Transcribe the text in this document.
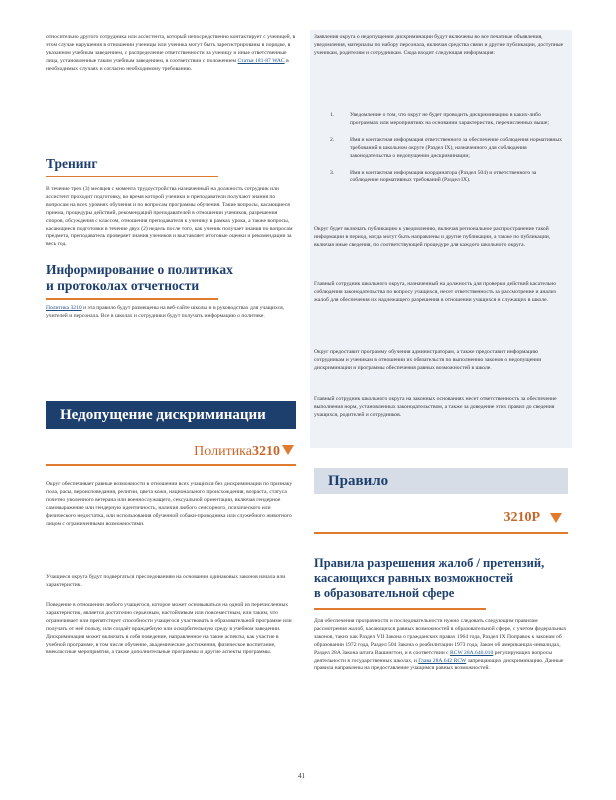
относительно другого сотрудника или ассистента, который непосредственно контактирует с ученицей, в этом случае нарушения в отношении ученицы или ученика могут быть зарегистрированы в порядке, в указанном учебным заведением, с распределение ответственности за ученицу и иные ответственные лица, установленные таким учебным заведением, в соответствии с положением Статья 181-87 WAC в необходимых случаях и согласно необходимому требованию.

Тренинг

В течение трех (3) месяцев с момента трудоустройства назначенный на должность сотрудник или ассистент проходит подготовку, во время которой ученики и преподаватели получают знания по вопросам на всех уровнях обучения и по вопросам программы обучения. Такие вопросы, касающиеся приема, процедуры действий, рекомендаций преподавателей в отношении учеников, разрешения споров, обсуждения с классом, отношения преподавателя к ученику в рамках урока, а также вопросы, касающиеся подготовки в течение двух (2) недель после того, как ученик получает знания по вопросам предмета, преподаватель проверяет знания учеников и выставляет итоговые оценки и рекомендации за весь год.

Информирование о политиках
и протоколах отчетности

Политика 3210 и эта правило будут размещены на веб-сайте школы и в руководствах для учащихся, учителей и персонала. Все в школах и сотрудники будут получать информацию о политике.

Недопущение дискриминации
Политика3210

Округ обеспечивает равные возможности в отношении всех учащихся без дискриминации по признаку пола, расы, вероисповедания, религии, цвета кожи, национального происхождения, возраста, статуса почетно уволенного ветерана или военнослужащего, сексуальной ориентации, включая гендерное самовыражение или гендерную идентичность, наличия любого сенсорного, психического или физического недостатка, или использования обученной собаки-проводника или служебного животного лицом с ограниченными возможностями.

Учащиеся округа будут подвергаться преследованиям на основании одинаковых законов начала или характеристик.

Поведение в отношении любого учащегося, которое может основываться на одной из перечисленных характеристик, является достаточно серьезным, настойчивым или повсеместным, или таким, что ограничивает или препятствует способности учащегося участвовать в образовательной программе или получать от неё пользу, или создаёт враждебную или оскорбительную среду в учебном заведении. Дискриминация может включать в себя поведение, направленное на такие аспекты, как участие в учебной программе, в том числе обучение, академические достижения, физическое воспитание, внеклассные мероприятия, а также дополнительные программы и другие аспекты программы.

Заявления округа о недопущении дискриминации будут включены во все печатные объявления, уведомления, материалы по набору персонала, включая средства связи и другие публикации, доступные ученикам, родителям и сотрудникам. Сюда входит следующая информация:

1.	Уведомление о том, что округ не будет проводить дискриминацию в каких-либо программах или мероприятиях на основании характеристик, перечисленных выше;
2.	Имя и контактная информация ответственного за обеспечение соблюдения нормативных требований в школьном округе (Раздел IX), назначенного для соблюдения законодательства о недопущении дискриминации;
3.	Имя и контактная информация координатора (Раздел 504) и ответственного за соблюдение нормативных требований (Раздел IX).

Округ будет включать публикацию к уведомлению, включая региональное распространение такой информации в период, когда могут быть направлены и другие публикации, а также по публикации, включая иные сведения, по соответствующей процедуре для каждого школьного округа.

Главный сотрудник школьного округа, назначенный на должность для проверки действий касательно соблюдения законодательства по вопросу учащихся, несет ответственность за рассмотрение и анализ жалоб для обеспечения их надлежащего разрешения в отношении учащихся и служащих в школе.

Округ предоставит программу обучения администраторам, а также предоставит информацию сотрудникам и ученикам в отношении их обязательств по выполнению законов о недопущении дискриминации и программы обеспечения равных возможностей в школе.

Главный сотрудник школьного округа на законных основаниях несет ответственность за обеспечение выполнения норм, установленных законодательством, а также за доведение этих правил до сведения учащихся, родителей и сотрудников.

Правило
3210P
Правила разрешения жалоб / претензий,
касающихся равных возможностей
в образовательной сфере

Для обеспечения прозрачности и последовательности нужно следовать следующим правилам рассмотрения жалоб, касающихся равных возможностей в образовательной сфере, с учетом федеральных законов, таких как Раздел VII Закона о гражданских правах 1964 года, Раздел IX Поправок к законам об образовании 1972 года, Раздел 504 Закона о реабилитации 1973 года, Закон об американцах-инвалидах, Раздел 28A Закона штата Вашингтон, и в соответствии с RCW 28A.640.010 регулирующих вопросы деятельности в государственных школах, и Глава 28A.642 RCW запрещающих дискриминацию. Данные правила направлены на предоставление учащимся равных возможностей.

41
